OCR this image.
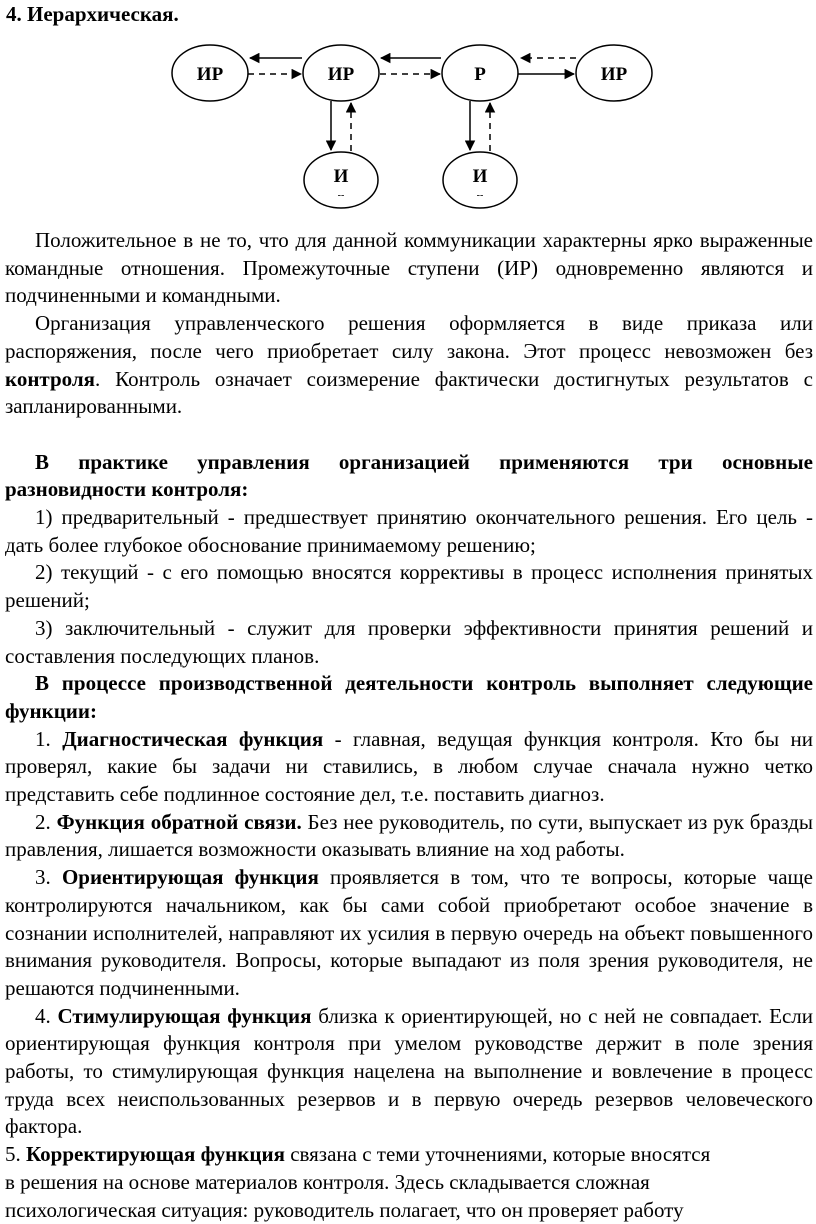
4. Иерархическая.
ИР	ИР	Р	ИР
И	И
--	--

Положительное в не то, что для данной коммуникации характерны ярко выраженные командные отношения. Промежуточные ступени (ИР) одновременно являются и подчиненными и командными.

Организация управленческого решения оформляется в виде приказа или распоряжения, после чего приобретает силу закона. Этот процесс невозможен без контроля. Контроль означает соизмерение фактически достигнутых результатов с запланированными.

В практике управления организацией применяются три основные разновидности контроля:

1) предварительный - предшествует принятию окончательного решения. Его цель - дать более глубокое обоснование принимаемому решению;

2) текущий - с его помощью вносятся коррективы в процесс исполнения принятых решений;

3) заключительный - служит для проверки эффективности принятия решений и составления последующих планов.

В процессе производственной деятельности контроль выполняет следующие функции:

1. Диагностическая функция - главная, ведущая функция контроля. Кто бы ни проверял, какие бы задачи ни ставились, в любом случае сначала нужно четко представить себе подлинное состояние дел, т.е. поставить диагноз.

2. Функция обратной связи. Без нее руководитель, по сути, выпускает из рук бразды правления, лишается возможности оказывать влияние на ход работы.

3. Ориентирующая функция проявляется в том, что те вопросы, которые чаще контролируются начальником, как бы сами собой приобретают особое значение в сознании исполнителей, направляют их усилия в первую очередь на объект повышенного внимания руководителя. Вопросы, которые выпадают из поля зрения руководителя, не решаются подчиненными.

4. Стимулирующая функция близка к ориентирующей, но с ней не совпадает. Если ориентирующая функция контроля при умелом руководстве держит в поле зрения работы, то стимулирующая функция нацелена на выполнение и вовлечение в процесс труда всех неиспользованных резервов и в первую очередь резервов человеческого фактора.

5. Корректирующая функция связана с теми уточнениями, которые вносятся
в решения на основе материалов контроля. Здесь складывается сложная
психологическая ситуация: руководитель полагает, что он проверяет работу
